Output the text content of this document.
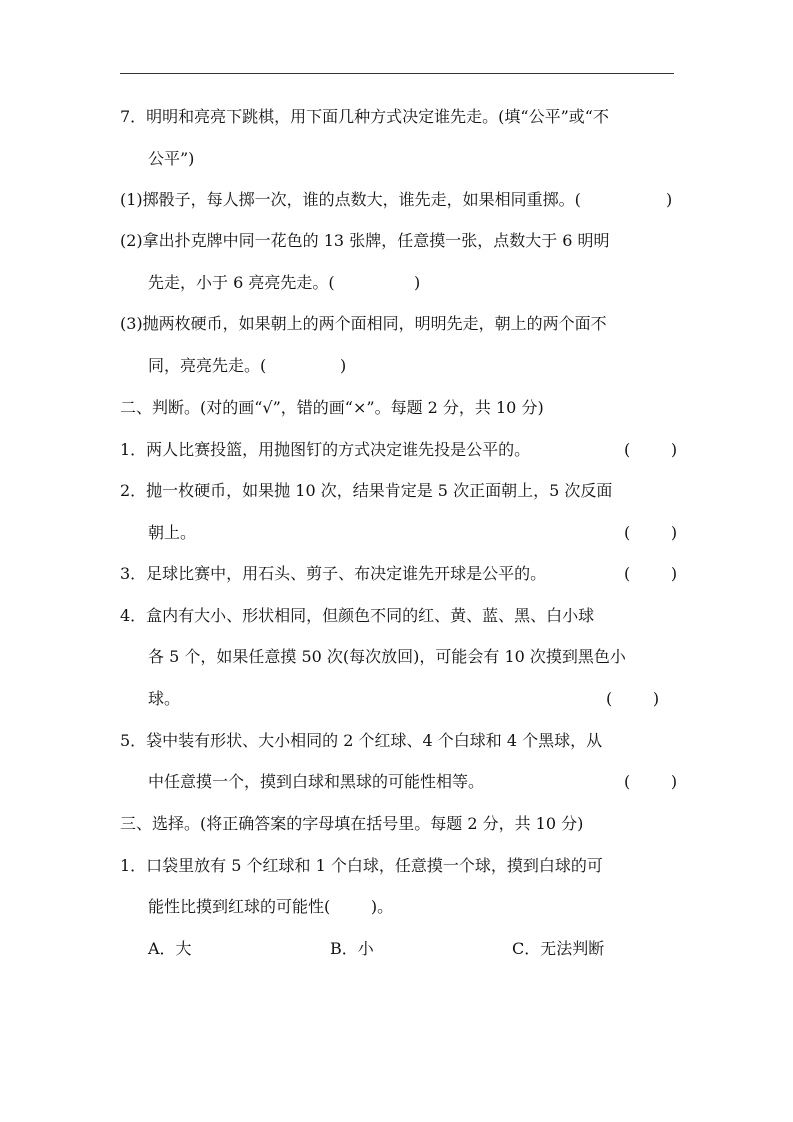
7．明明和亮亮下跳棋，用下面几种方式决定谁先走。(填“公平”或“不
公平”)
(1)掷骰子，每人掷一次，谁的点数大，谁先走，如果相同重掷。(	)
(2)拿出扑克牌中同一花色的 13 张牌，任意摸一张，点数大于 6 明明
先走，小于 6 亮亮先走。(	)
(3)抛两枚硬币，如果朝上的两个面相同，明明先走，朝上的两个面不
同，亮亮先走。(	)
二、判断。(对的画“√”，错的画“×”。每题 2 分，共 10 分)
1．两人比赛投篮，用抛图钉的方式决定谁先投是公平的。	(        )
2．抛一枚硬币，如果抛 10 次，结果肯定是 5 次正面朝上，5 次反面
朝上。	(        )
3．足球比赛中，用石头、剪子、布决定谁先开球是公平的。	(        )
4．盒内有大小、形状相同，但颜色不同的红、黄、蓝、黑、白小球
各 5 个，如果任意摸 50 次(每次放回)，可能会有 10 次摸到黑色小
球。	(        )
5．袋中装有形状、大小相同的 2 个红球、4 个白球和 4 个黑球，从
中任意摸一个，摸到白球和黑球的可能性相等。	(        )
三、选择。(将正确答案的字母填在括号里。每题 2 分，共 10 分)
1．口袋里放有 5 个红球和 1 个白球，任意摸一个球，摸到白球的可
能性比摸到红球的可能性(        )。
A．大	B．小	C．无法判断
